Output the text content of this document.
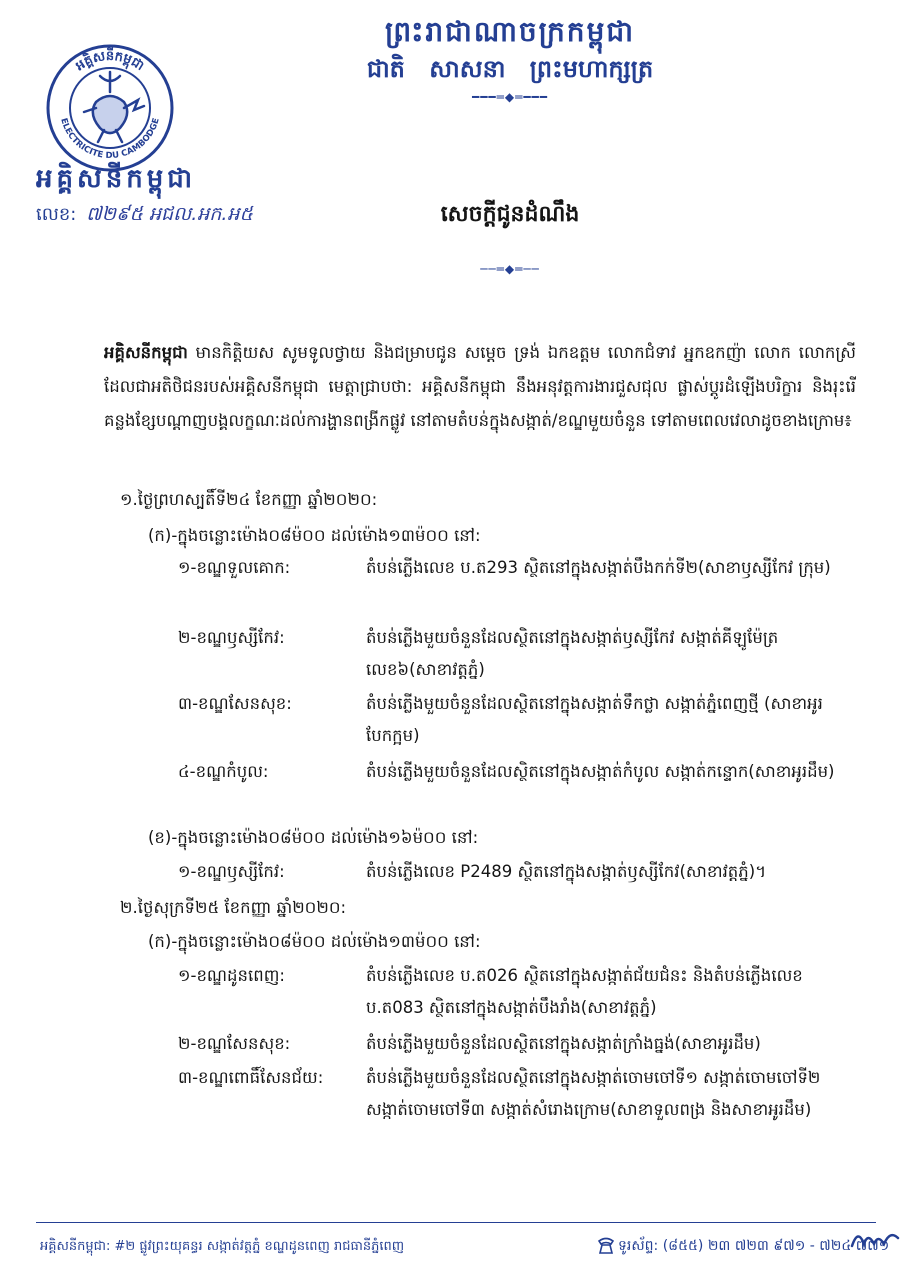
ព្រះរាជាណាចក្រកម្ពុជា
ជាតិ សាសនា ព្រះមហាក្សត្រ
━━━═◆═━━━
អគ្គិសនីកម្ពុជា
ELECTRICITE DU CAMBODGE
អគ្គិសនីកម្ពុជា
លេខ: ៧២៩៥ អជល.អក.អ៥	សេចក្តីជូនដំណឹង
──═◆═──
អគ្គិសនីកម្ពុជា មានកិត្តិយស សូមទូលថ្វាយ និងជម្រាបជូន សម្តេច ទ្រង់ ឯកឧត្តម លោកជំទាវ អ្នកឧកញ៉ា លោក លោកស្រី ដែលជាអតិថិជនរបស់អគ្គិសនីកម្ពុជា មេត្តាជ្រាបថា: អគ្គិសនីកម្ពុជា នឹងអនុវត្តការងារជួសជុល ផ្លាស់ប្តូរដំឡើងបរិក្ខារ និងរុះរើគន្លងខ្សែបណ្តាញបង្គលក្ខណៈដល់ការង្ហានពង្រីកផ្លូវ នៅតាមតំបន់ក្នុងសង្កាត់/ខណ្ឌមួយចំនួន ទៅតាមពេលវេលាដូចខាងក្រោម៖
១.ថ្ងៃព្រហស្បតិ៍ទី២៤ ខែកញ្ញា ឆ្នាំ២០២០:
(ក)-ក្នុងចន្លោះម៉ោង០៨ម៉០០ ដល់ម៉ោង១៣ម៉០០ នៅ:
១-ខណ្ឌទួលគោក:	តំបន់ភ្លើងលេខ ប.ត293 ស្ថិតនៅក្នុងសង្កាត់បឹងកក់ទី២(សាខាឫស្សីកែវ ក្រុម)
២-ខណ្ឌឫស្សីកែវ:	តំបន់ភ្លើងមួយចំនួនដែលស្ថិតនៅក្នុងសង្កាត់ឫស្សីកែវ សង្កាត់គីឡូម៉ែត្រលេខ៦(សាខាវត្តភ្នំ)
៣-ខណ្ឌសែនសុខ:	តំបន់ភ្លើងមួយចំនួនដែលស្ថិតនៅក្នុងសង្កាត់ទឹកថ្លា សង្កាត់ភ្នំពេញថ្មី (សាខាអូរបែកក្អម)
៤-ខណ្ឌកំបូល:	តំបន់ភ្លើងមួយចំនួនដែលស្ថិតនៅក្នុងសង្កាត់កំបូល សង្កាត់កន្ទោក(សាខាអូរដឹម)
(ខ)-ក្នុងចន្លោះម៉ោង០៨ម៉០០ ដល់ម៉ោង១៦ម៉០០ នៅ:
១-ខណ្ឌឫស្សីកែវ:	តំបន់ភ្លើងលេខ P2489 ស្ថិតនៅក្នុងសង្កាត់ឫស្សីកែវ(សាខាវត្តភ្នំ)។
២.ថ្ងៃសុក្រទី២៥ ខែកញ្ញា ឆ្នាំ២០២០:
(ក)-ក្នុងចន្លោះម៉ោង០៨ម៉០០ ដល់ម៉ោង១៣ម៉០០ នៅ:
១-ខណ្ឌដូនពេញ:	តំបន់ភ្លើងលេខ ប.ត026 ស្ថិតនៅក្នុងសង្កាត់ជ័យជំនះ និងតំបន់ភ្លើងលេខ ប.ត083 ស្ថិតនៅក្នុងសង្កាត់បឹងរាំង(សាខាវត្តភ្នំ)
២-ខណ្ឌសែនសុខ:	តំបន់ភ្លើងមួយចំនួនដែលស្ថិតនៅក្នុងសង្កាត់ក្រាំងធ្នង់(សាខាអូរដឹម)
៣-ខណ្ឌពោធិ៍សែនជ័យ:	តំបន់ភ្លើងមួយចំនួនដែលស្ថិតនៅក្នុងសង្កាត់ចោមចៅទី១ សង្កាត់ចោមចៅទី២ សង្កាត់ចោមចៅទី៣ សង្កាត់សំរោងក្រោម(សាខាទួលពង្រ និងសាខាអូរដឹម)
អគ្គិសនីកម្ពុជា: #២ ផ្លូវព្រះយុគន្ធរ សង្កាត់វត្តភ្នំ ខណ្ឌដូនពេញ រាជធានីភ្នំពេញ	ទូរស័ព្ទ: (៨៥៥) ២៣ ៧២៣ ៩៧១ - ៧២៤ ៧៧១
